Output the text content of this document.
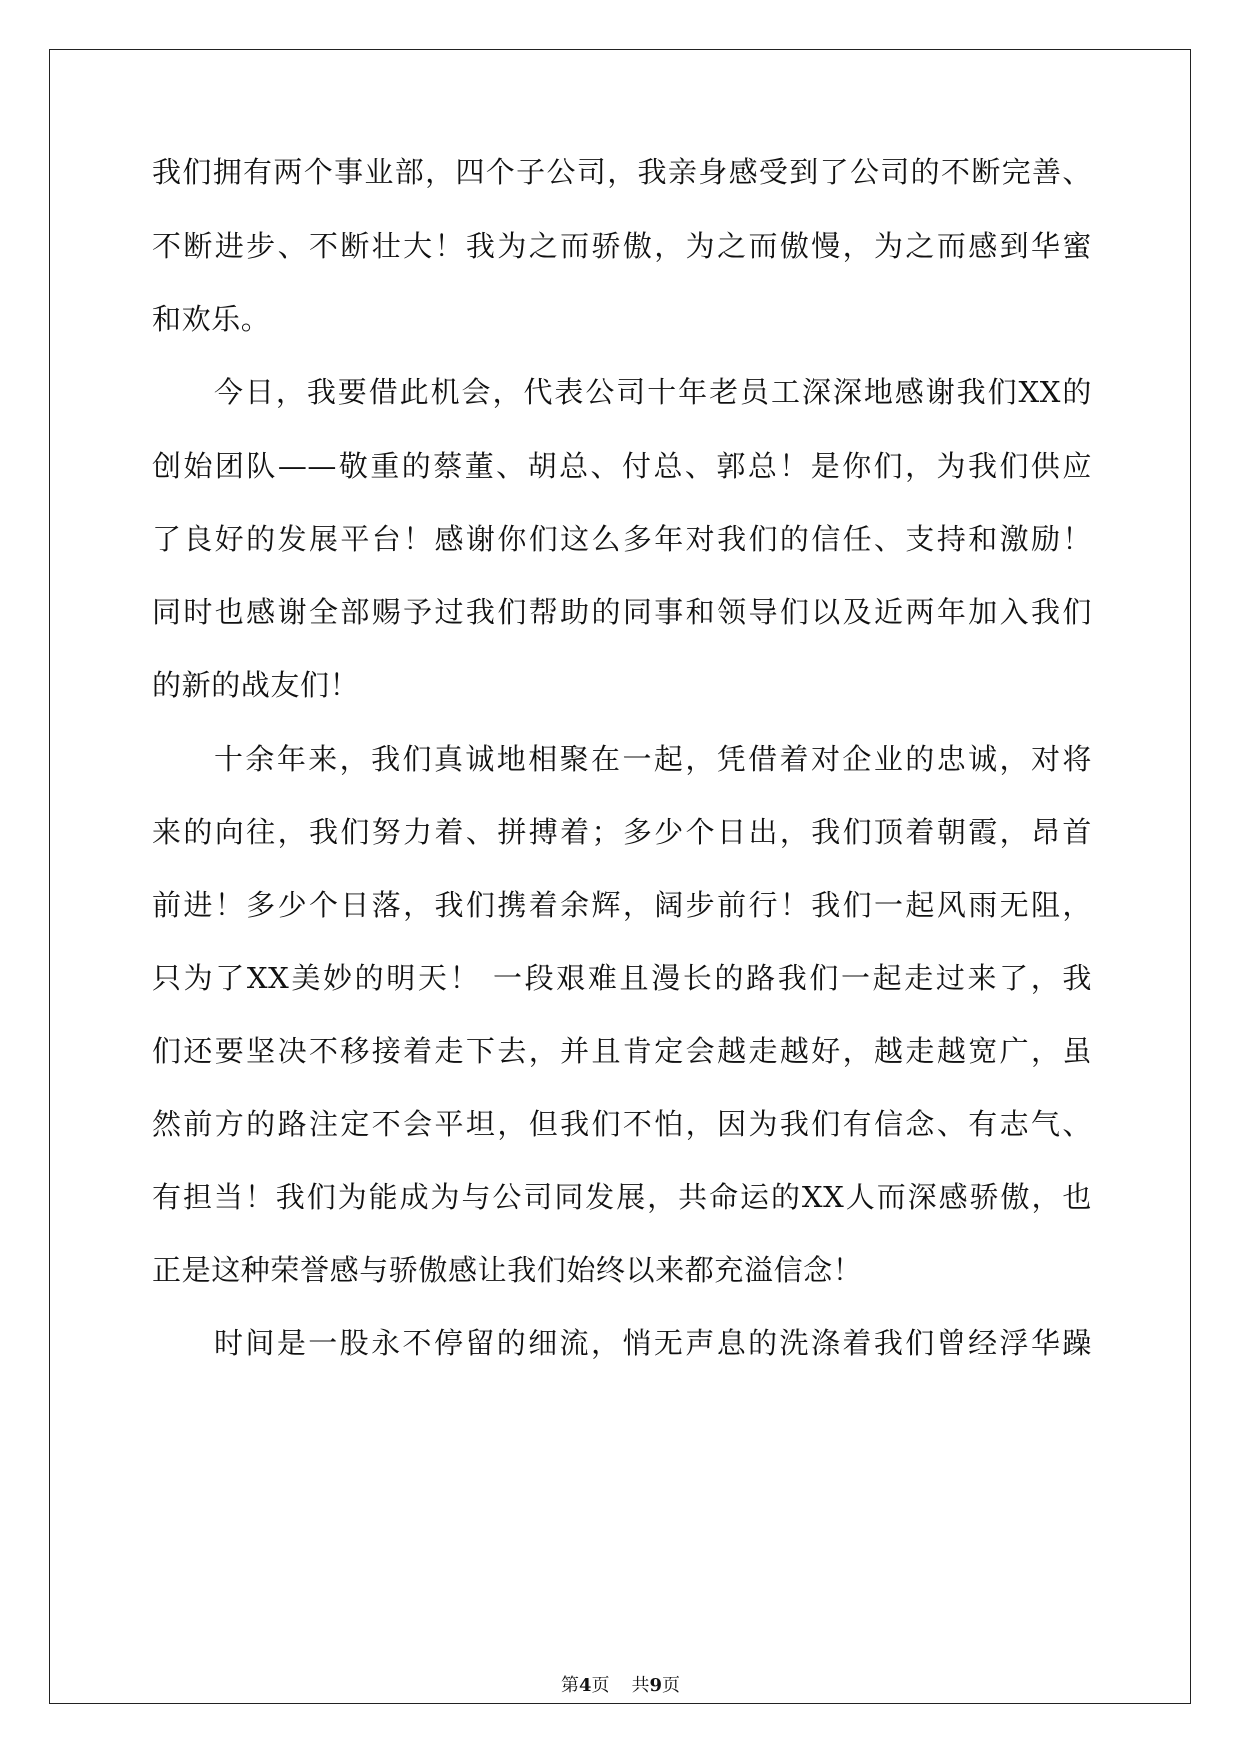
我们拥有两个事业部，四个子公司，我亲身感受到了公司的不断完善、
不断进步、不断壮大！我为之而骄傲，为之而傲慢，为之而感到华蜜
和欢乐。
今日，我要借此机会，代表公司十年老员工深深地感谢我们XX的
创始团队——敬重的蔡董、胡总、付总、郭总！是你们，为我们供应
了良好的发展平台！感谢你们这么多年对我们的信任、支持和激励！
同时也感谢全部赐予过我们帮助的同事和领导们以及近两年加入我们
的新的战友们！
十余年来，我们真诚地相聚在一起，凭借着对企业的忠诚，对将
来的向往，我们努力着、拼搏着；多少个日出，我们顶着朝霞，昂首
前进！多少个日落，我们携着余辉，阔步前行！我们一起风雨无阻，
只为了XX美妙的明天！ 一段艰难且漫长的路我们一起走过来了，我
们还要坚决不移接着走下去，并且肯定会越走越好，越走越宽广，虽
然前方的路注定不会平坦，但我们不怕，因为我们有信念、有志气、
有担当！我们为能成为与公司同发展，共命运的XX人而深感骄傲，也
正是这种荣誉感与骄傲感让我们始终以来都充溢信念！
时间是一股永不停留的细流，悄无声息的洗涤着我们曾经浮华躁
第4页 共9页
